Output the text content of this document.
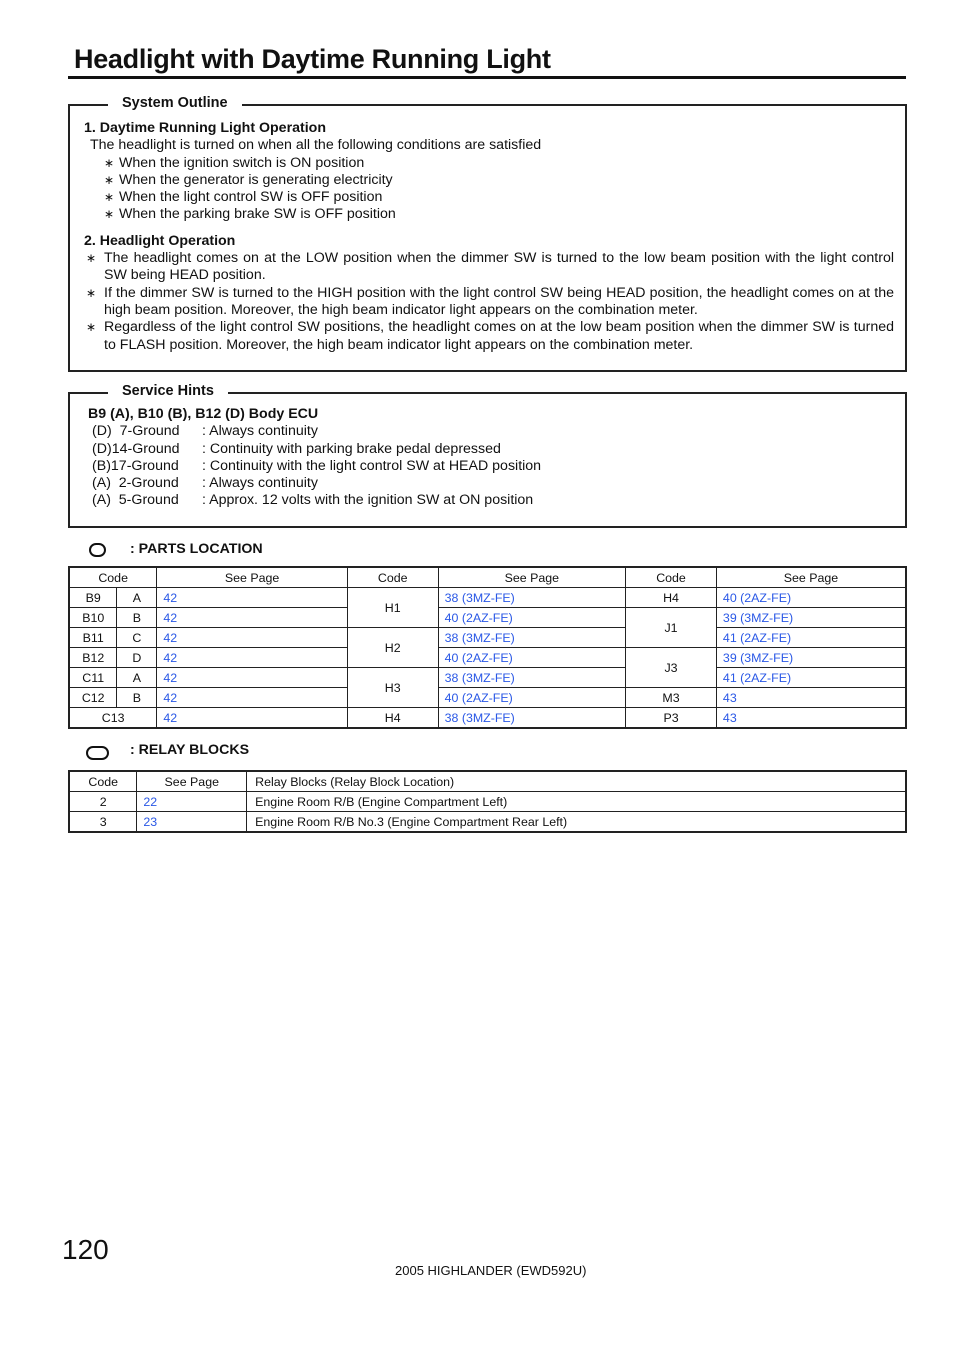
Headlight with Daytime Running Light
System Outline
1. Daytime Running Light Operation
The headlight is turned on when all the following conditions are satisfied
∗ When the ignition switch is ON position
∗ When the generator is generating electricity
∗ When the light control SW is OFF position
∗ When the parking brake SW is OFF position
2. Headlight Operation
∗ The headlight comes on at the LOW position when the dimmer SW is turned to the low beam position with the light control SW being HEAD position.
∗ If the dimmer SW is turned to the HIGH position with the light control SW being HEAD position, the headlight comes on at the high beam position. Moreover, the high beam indicator light appears on the combination meter.
∗ Regardless of the light control SW positions, the headlight comes on at the low beam position when the dimmer SW is turned to FLASH position. Moreover, the high beam indicator light appears on the combination meter.
Service Hints
B9 (A), B10 (B), B12 (D) Body ECU
(D)  7-Ground	: Always continuity
(D)14-Ground	: Continuity with parking brake pedal depressed
(B)17-Ground	: Continuity with the light control SW at HEAD position
(A)  2-Ground	: Always continuity
(A)  5-Ground	: Approx. 12 volts with the ignition SW at ON position
: PARTS LOCATION
Code		See Page	Code	See Page	Code	See Page
B9	A	42	H1	38 (3MZ-FE)	H4	40 (2AZ-FE)
B10	B	42		40 (2AZ-FE)	J1	39 (3MZ-FE)
B11	C	42	H2	38 (3MZ-FE)		41 (2AZ-FE)
B12	D	42		40 (2AZ-FE)	J3	39 (3MZ-FE)
C11	A	42	H3	38 (3MZ-FE)		41 (2AZ-FE)
C12	B	42		40 (2AZ-FE)	M3	43
C13		42	H4	38 (3MZ-FE)	P3	43
: RELAY BLOCKS
Code	See Page	Relay Blocks (Relay Block Location)
2	22	Engine Room R/B (Engine Compartment Left)
3	23	Engine Room R/B No.3 (Engine Compartment Rear Left)
120
2005 HIGHLANDER (EWD592U)
